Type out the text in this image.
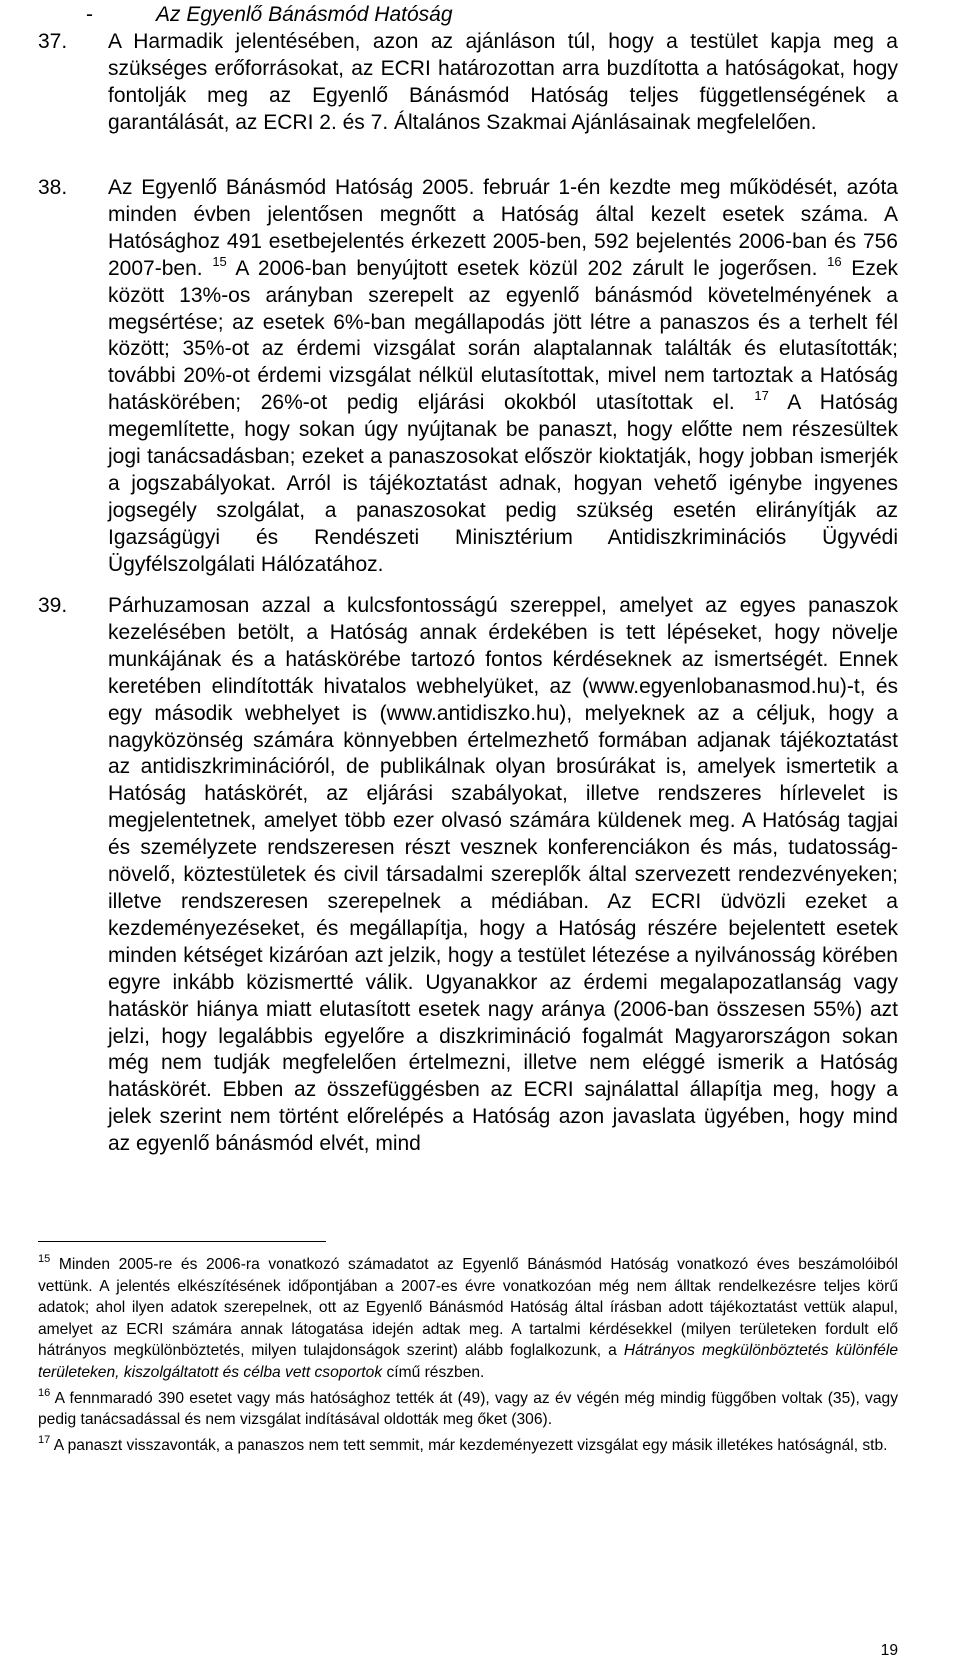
-	Az Egyenlő Bánásmód Hatóság
37. A Harmadik jelentésében, azon az ajánláson túl, hogy a testület kapja meg a szükséges erőforrásokat, az ECRI határozottan arra buzdította a hatóságokat, hogy fontolják meg az Egyenlő Bánásmód Hatóság teljes függetlenségének a garantálását, az ECRI 2. és 7. Általános Szakmai Ajánlásainak megfelelően.
38. Az Egyenlő Bánásmód Hatóság 2005. február 1-én kezdte meg működését, azóta minden évben jelentősen megnőtt a Hatóság által kezelt esetek száma. A Hatósághoz 491 esetbejelentés érkezett 2005-ben, 592 bejelentés 2006-ban és 756 2007-ben. $^{15}$ A 2006-ban benyújtott esetek közül 202 zárult le jogerősen. $^{16}$ Ezek között 13%-os arányban szerepelt az egyenlő bánásmód követelményének a megsértése; az esetek 6%-ban megállapodás jött létre a panaszos és a terhelt fél között; 35%-ot az érdemi vizsgálat során alaptalannak találták és elutasították; további 20%-ot érdemi vizsgálat nélkül elutasítottak, mivel nem tartoztak a Hatóság hatáskörében; 26%-ot pedig eljárási okokból utasítottak el. $^{17}$ A Hatóság megemlítette, hogy sokan úgy nyújtanak be panaszt, hogy előtte nem részesültek jogi tanácsadásban; ezeket a panaszosokat először kioktatják, hogy jobban ismerjék a jogszabályokat. Arról is tájékoztatást adnak, hogyan vehető igénybe ingyenes jogsegély szolgálat, a panaszosokat pedig szükség esetén elirányítják az Igazságügyi és Rendészeti Minisztérium Antidiszkriminációs Ügyvédi Ügyfélszolgálati Hálózatához.
39. Párhuzamosan azzal a kulcsfontosságú szereppel, amelyet az egyes panaszok kezelésében betölt, a Hatóság annak érdekében is tett lépéseket, hogy növelje munkájának és a hatáskörébe tartozó fontos kérdéseknek az ismertségét. Ennek keretében elindították hivatalos webhelyüket, az (www.egyenlobanasmod.hu)-t, és egy második webhelyet is (www.antidiszko.hu), melyeknek az a céljuk, hogy a nagyközönség számára könnyebben értelmezhető formában adjanak tájékoztatást az antidiszkriminációról, de publikálnak olyan brosúrákat is, amelyek ismertetik a Hatóság hatáskörét, az eljárási szabályokat, illetve rendszeres hírlevelet is megjelentetnek, amelyet több ezer olvasó számára küldenek meg. A Hatóság tagjai és személyzete rendszeresen részt vesznek konferenciákon és más, tudatosság-növelő, köztestületek és civil társadalmi szereplők által szervezett rendezvényeken; illetve rendszeresen szerepelnek a médiában. Az ECRI üdvözli ezeket a kezdeményezéseket, és megállapítja, hogy a Hatóság részére bejelentett esetek minden kétséget kizáróan azt jelzik, hogy a testület létezése a nyilvánosság körében egyre inkább közismertté válik. Ugyanakkor az érdemi megalapozatlanság vagy hatáskör hiánya miatt elutasított esetek nagy aránya (2006-ban összesen 55%) azt jelzi, hogy legalábbis egyelőre a diszkrimináció fogalmát Magyarországon sokan még nem tudják megfelelően értelmezni, illetve nem eléggé ismerik a Hatóság hatáskörét. Ebben az összefüggésben az ECRI sajnálattal állapítja meg, hogy a jelek szerint nem történt előrelépés a Hatóság azon javaslata ügyében, hogy mind az egyenlő bánásmód elvét, mind
$^{15}$ Minden 2005-re és 2006-ra vonatkozó számadatot az Egyenlő Bánásmód Hatóság vonatkozó éves beszámolóiból vettünk. A jelentés elkészítésének időpontjában a 2007-es évre vonatkozóan még nem álltak rendelkezésre teljes körű adatok; ahol ilyen adatok szerepelnek, ott az Egyenlő Bánásmód Hatóság által írásban adott tájékoztatást vettük alapul, amelyet az ECRI számára annak látogatása idején adtak meg. A tartalmi kérdésekkel (milyen területeken fordult elő hátrányos megkülönböztetés, milyen tulajdonságok szerint) alább foglalkozunk, a Hátrányos megkülönböztetés különféle területeken, kiszolgáltatott és célba vett csoportok című részben.
$^{16}$ A fennmaradó 390 esetet vagy más hatósághoz tették át (49), vagy az év végén még mindig függőben voltak (35), vagy pedig tanácsadással és nem vizsgálat indításával oldották meg őket (306).
$^{17}$ A panaszt visszavonták, a panaszos nem tett semmit, már kezdeményezett vizsgálat egy másik illetékes hatóságnál, stb.
19
